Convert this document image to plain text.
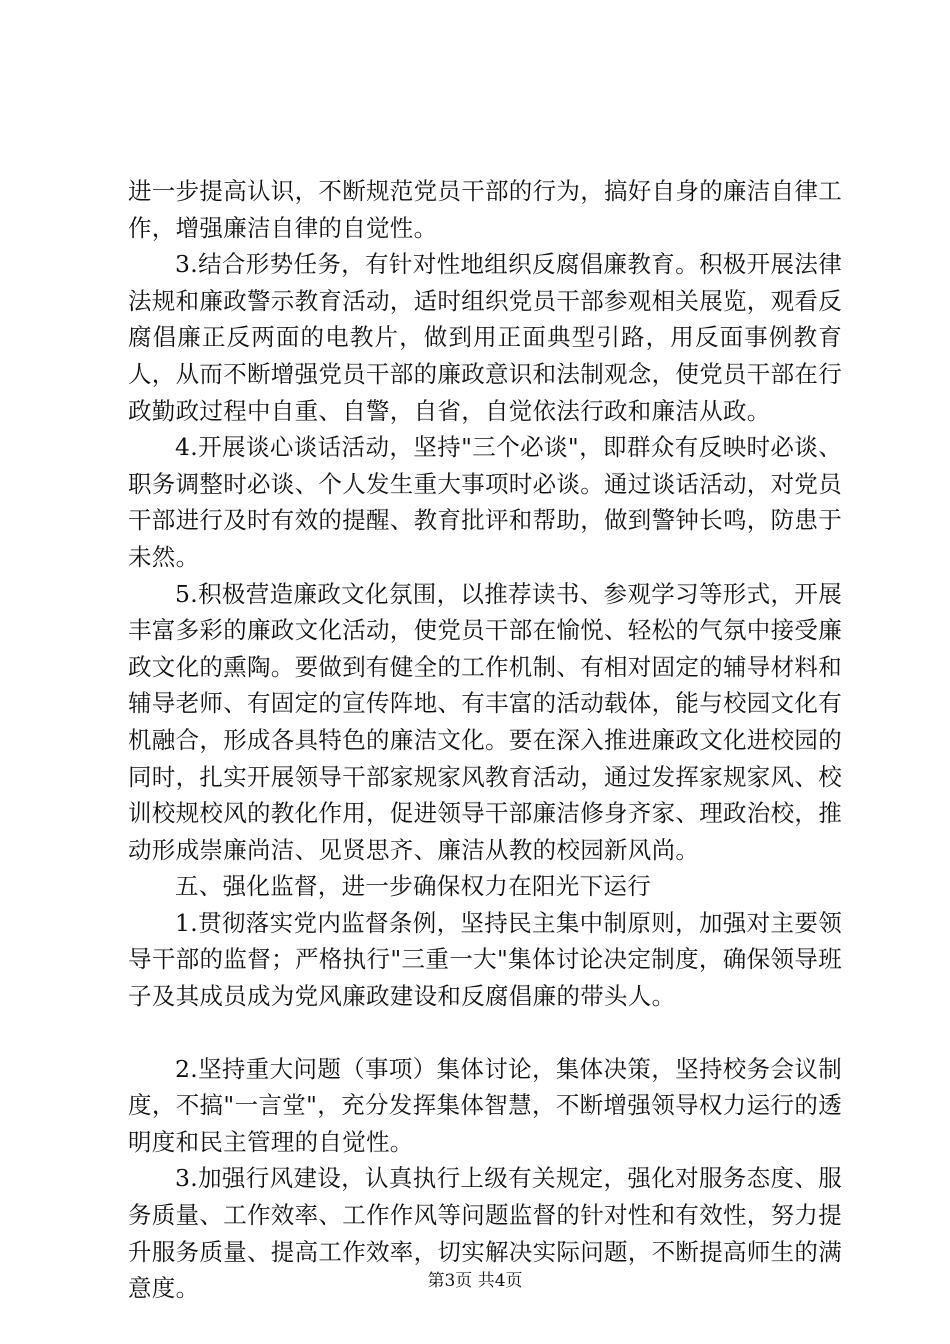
进一步提高认识，不断规范党员干部的行为，搞好自身的廉洁自律工作，增强廉洁自律的自觉性。

3.结合形势任务，有针对性地组织反腐倡廉教育。积极开展法律法规和廉政警示教育活动，适时组织党员干部参观相关展览，观看反腐倡廉正反两面的电教片，做到用正面典型引路，用反面事例教育人，从而不断增强党员干部的廉政意识和法制观念，使党员干部在行政勤政过程中自重、自警，自省，自觉依法行政和廉洁从政。

4.开展谈心谈话活动，坚持"三个必谈"，即群众有反映时必谈、职务调整时必谈、个人发生重大事项时必谈。通过谈话活动，对党员干部进行及时有效的提醒、教育批评和帮助，做到警钟长鸣，防患于未然。

5.积极营造廉政文化氛围，以推荐读书、参观学习等形式，开展丰富多彩的廉政文化活动，使党员干部在愉悦、轻松的气氛中接受廉政文化的熏陶。要做到有健全的工作机制、有相对固定的辅导材料和辅导老师、有固定的宣传阵地、有丰富的活动载体，能与校园文化有机融合，形成各具特色的廉洁文化。要在深入推进廉政文化进校园的同时，扎实开展领导干部家规家风教育活动，通过发挥家规家风、校训校规校风的教化作用，促进领导干部廉洁修身齐家、理政治校，推动形成崇廉尚洁、见贤思齐、廉洁从教的校园新风尚。

五、强化监督，进一步确保权力在阳光下运行

1.贯彻落实党内监督条例，坚持民主集中制原则，加强对主要领导干部的监督；严格执行"三重一大"集体讨论决定制度，确保领导班子及其成员成为党风廉政建设和反腐倡廉的带头人。

2.坚持重大问题（事项）集体讨论，集体决策，坚持校务会议制度，不搞"一言堂"，充分发挥集体智慧，不断增强领导权力运行的透明度和民主管理的自觉性。

3.加强行风建设，认真执行上级有关规定，强化对服务态度、服务质量、工作效率、工作作风等问题监督的针对性和有效性，努力提升服务质量、提高工作效率，切实解决实际问题，不断提高师生的满意度。	第3页 共4页
